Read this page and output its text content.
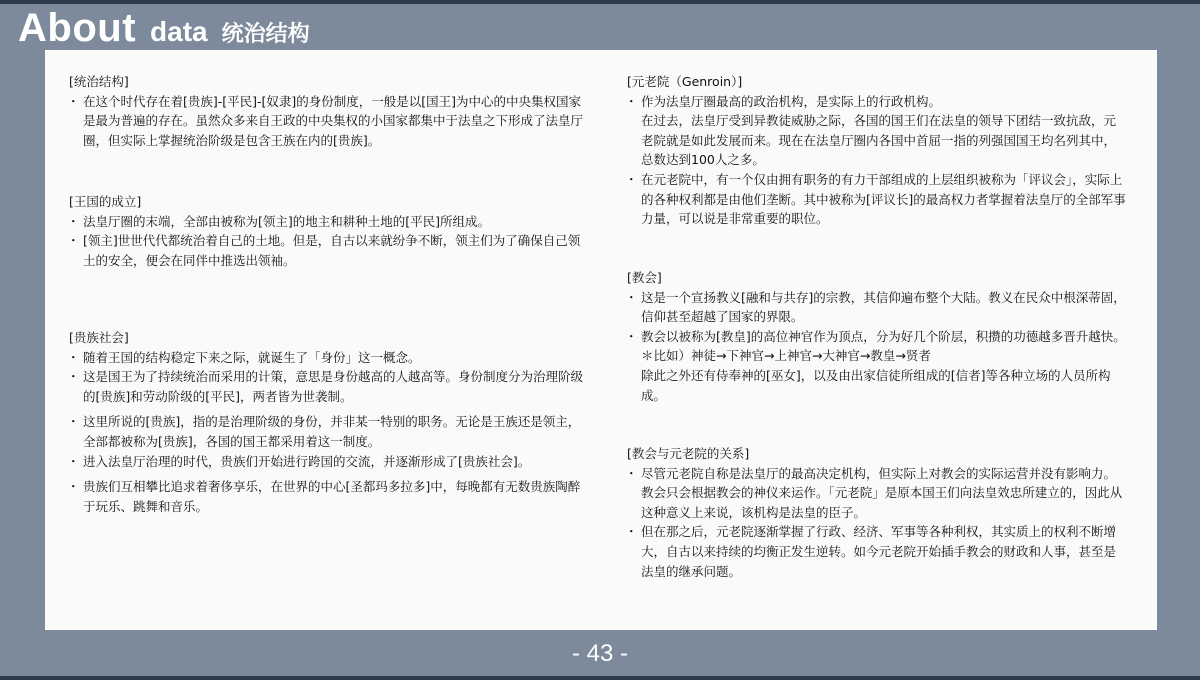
About data 统治结构

[统治结构]

・ 在这个时代存在着[贵族]-[平民]-[奴隶]的身份制度，一般是以[国王]为中心的中央集权国家是最为普遍的存在。虽然众多来自王政的中央集权的小国家都集中于法皇之下形成了法皇厅圈，但实际上掌握统治阶级是包含王族在内的[贵族]。

[王国的成立]

・ 法皇厅圈的末端，全部由被称为[领主]的地主和耕种土地的[平民]所组成。

・ [领主]世世代代都统治着自己的土地。但是，自古以来就纷争不断，领主们为了确保自己领土的安全，便会在同伴中推选出领袖。

[贵族社会]

・ 随着王国的结构稳定下来之际，就诞生了「身份」这一概念。

・ 这是国王为了持续统治而采用的计策，意思是身份越高的人越高等。身份制度分为治理阶级的[贵族]和劳动阶级的[平民]，两者皆为世袭制。

・ 这里所说的[贵族]，指的是治理阶级的身份，并非某一特别的职务。无论是王族还是领主，全部都被称为[贵族]，各国的国王都采用着这一制度。

・ 进入法皇厅治理的时代，贵族们开始进行跨国的交流，并逐渐形成了[贵族社会]。

・ 贵族们互相攀比追求着奢侈享乐，在世界的中心[圣都玛多拉多]中，每晚都有无数贵族陶醉于玩乐、跳舞和音乐。

[元老院（Genroin）]

・ 作为法皇厅圈最高的政治机构，是实际上的行政机构。

在过去，法皇厅受到异教徒威胁之际，各国的国王们在法皇的领导下团结一致抗敌，元老院就是如此发展而来。现在在法皇厅圈内各国中首屈一指的列强国国王均名列其中，总数达到100人之多。

・ 在元老院中，有一个仅由拥有职务的有力干部组成的上层组织被称为「评议会」，实际上的各种权利都是由他们垄断。其中被称为[评议长]的最高权力者掌握着法皇厅的全部军事力量，可以说是非常重要的职位。

[教会]

・ 这是一个宣扬教义[融和与共存]的宗教，其信仰遍布整个大陆。教义在民众中根深蒂固，信仰甚至超越了国家的界限。

・ 教会以被称为[教皇]的高位神官作为顶点，分为好几个阶层，积攒的功德越多晋升越快。

＊比如）神徒→下神官→上神官→大神官→教皇→贤者

除此之外还有侍奉神的[巫女]，以及由出家信徒所组成的[信者]等各种立场的人员所构成。

[教会与元老院的关系]

・ 尽管元老院自称是法皇厅的最高决定机构，但实际上对教会的实际运营并没有影响力。教会只会根据教会的神仪来运作。「元老院」是原本国王们向法皇效忠所建立的，因此从这种意义上来说，该机构是法皇的臣子。

・ 但在那之后，元老院逐渐掌握了行政、经济、军事等各种利权，其实质上的权利不断增大，自古以来持续的均衡正发生逆转。如今元老院开始插手教会的财政和人事，甚至是法皇的继承问题。

- 43 -
